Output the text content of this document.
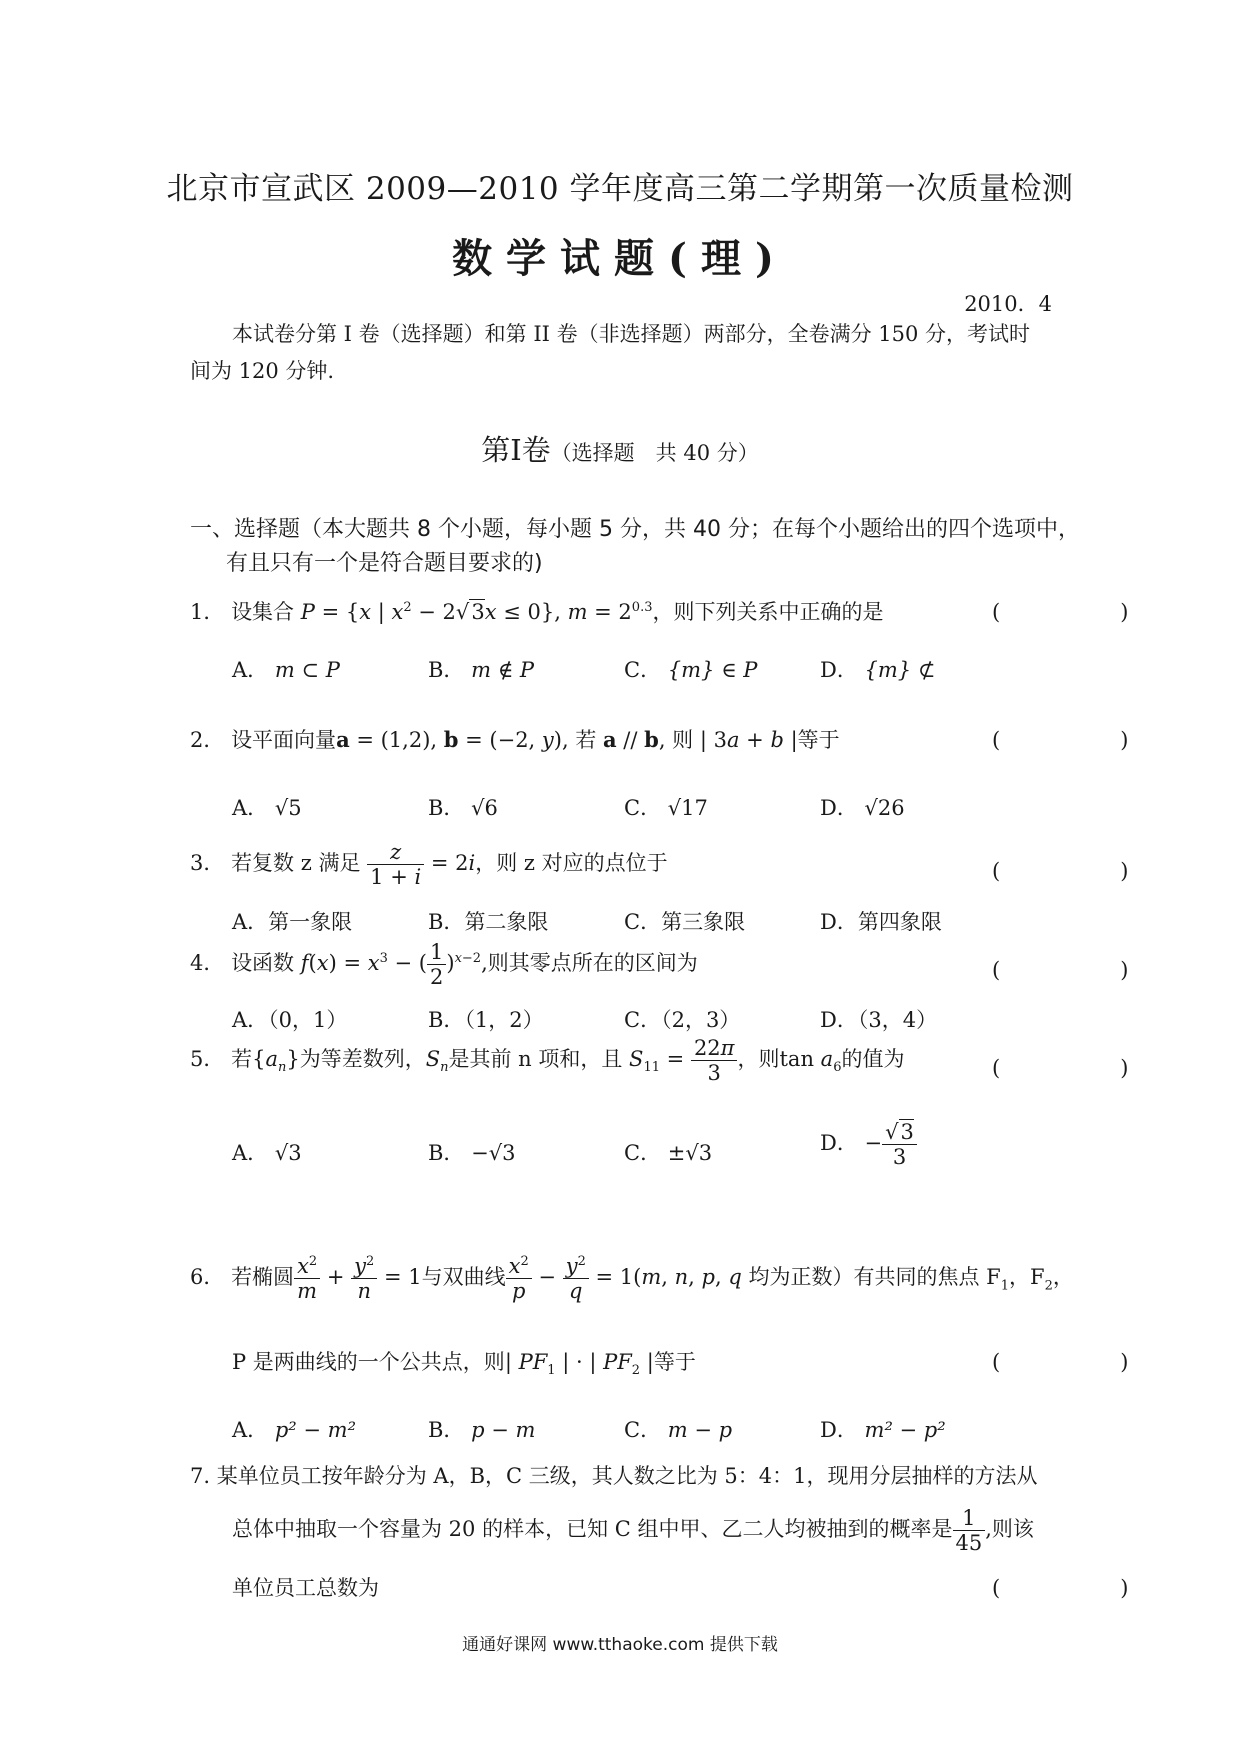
北京市宣武区 2009—2010 学年度高三第二学期第一次质量检测
数学试题(理)
2010．4
本试卷分第 I 卷（选择题）和第 II 卷（非选择题）两部分，全卷满分 150 分，考试时
间为 120 分钟.
第Ⅰ卷（选择题　共 40 分）
一、选择题（本大题共 8 个小题，每小题 5 分，共 40 分；在每个小题给出的四个选项中，
有且只有一个是符合题目要求的)
1． 设集合 P = {x | $x^2 - 2√3x \le 0$}, $m = 2^{0.3}$，则下列关系中正确的是	(　　)
A． m ⊂ P	B． m ∉ P	C． {m} ∈ P	D． {m} ⊄
2． 设平面向量a = (1,2), b = (−2, y), 若 a // b, 则 | 3a + b |等于	(　　)
A． √5	B． √6	C． √17	D． √26
3． 若复数 z 满足 $\frac{z}{1 + i} = 2i$，则 z 对应的点位于	(　　)
A．第一象限	B．第二象限	C．第三象限	D．第四象限
4． 设函数 $f(x) = x^3$ − ( $\frac{1}{2} )^{x-2}$,则其零点所在的区间为	(　　)
A．（0，1）	B．（1，2）	C．（2，3）	D．（3，4）
5． 若$\{a_n\}$为等差数列，$S_n$是其前 n 项和，且 $S_{11} = \frac{22\pi}{3}$ ，则$\tan a_6$的值为	(　　)
A． √3	B． −√3	C． ±√3	D． − $\frac{√3}{3}$
6． 若椭圆 $\frac{x^2}{m} + \frac{y^2}{n} = 1$与双曲线 $\frac{x^2}{p} - \frac{y^2}{q} = 1(m$, n, p, q 均为正数）有共同的焦点 $F_1$，$F_2$，
P 是两曲线的一个公共点，则| $PF_1$ | · | $PF_2$ |等于	(　　)
A． p² − m²	B． p − m	C． m − p	D． m² − p²
7. 某单位员工按年龄分为 A，B，C 三级，其人数之比为 5：4：1，现用分层抽样的方法从
总体中抽取一个容量为 20 的样本，已知 C 组中甲、乙二人均被抽到的概率是 $\frac{1}{45}$ ,则该
单位员工总数为	(　　)
通通好课网 www.tthaoke.com 提供下载
